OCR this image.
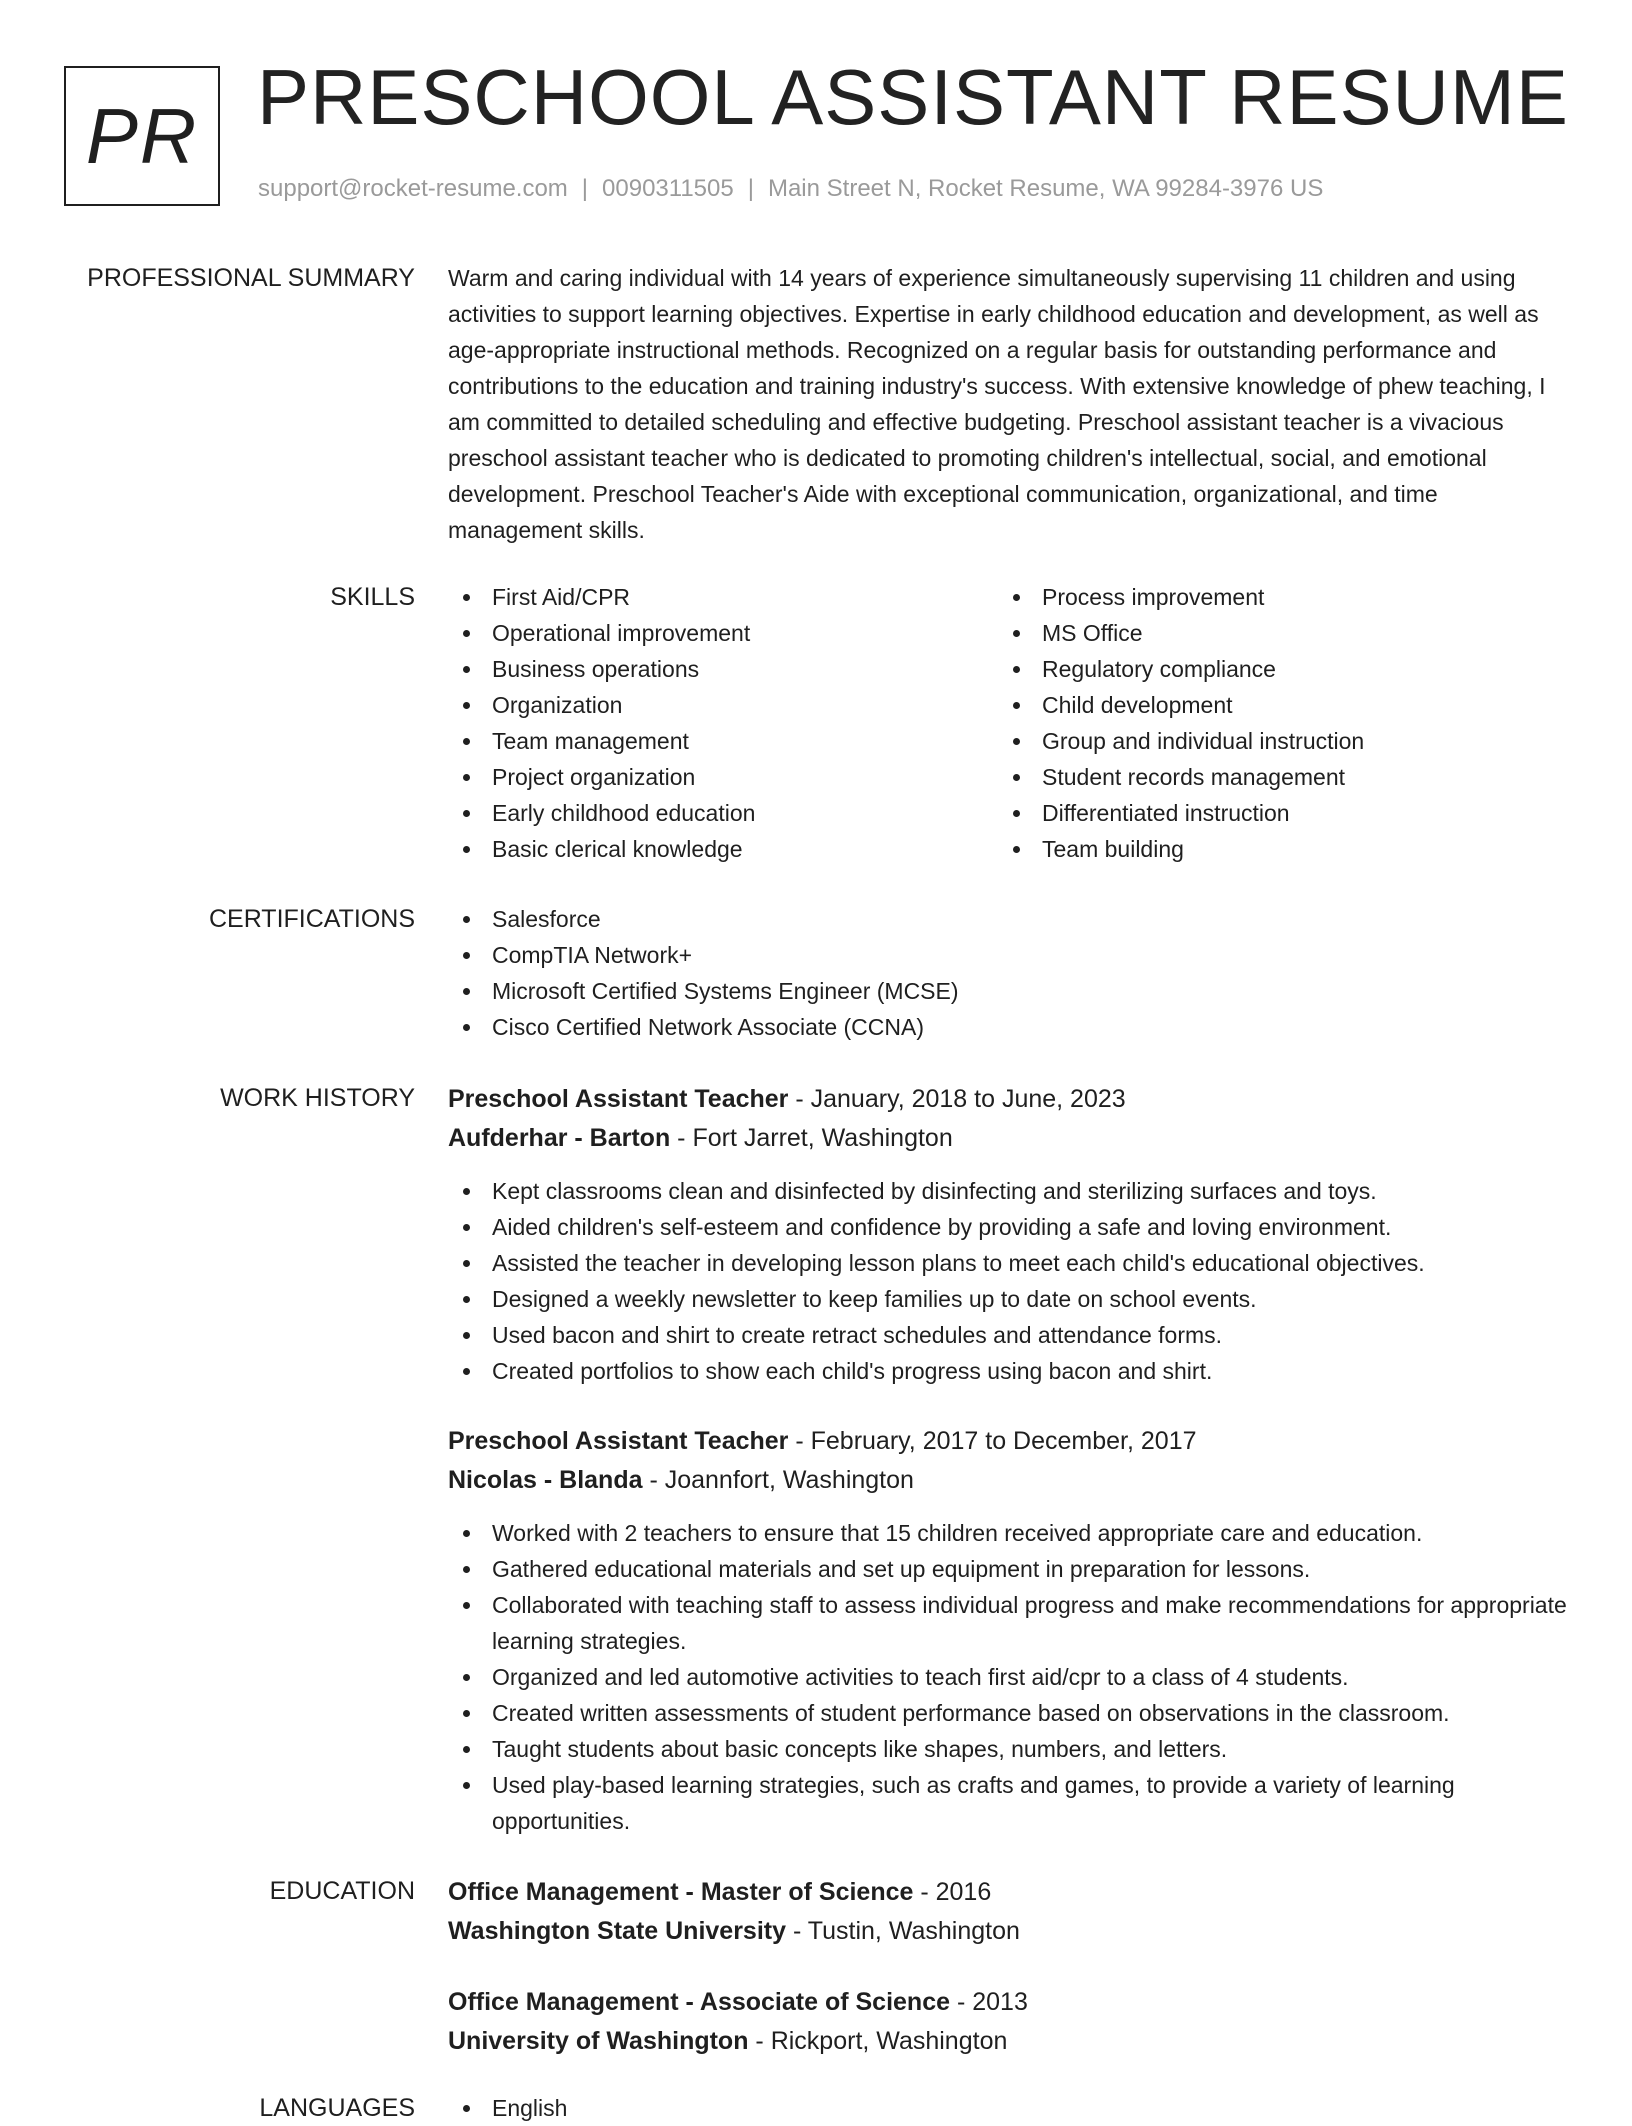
PR PRESCHOOL ASSISTANT RESUME
support@rocket-resume.com | 0090311505 | Main Street N, Rocket Resume, WA 99284-3976 US
PROFESSIONAL SUMMARY Warm and caring individual with 14 years of experience simultaneously supervising 11 children and using activities to support learning objectives. Expertise in early childhood education and development, as well as age-appropriate instructional methods. Recognized on a regular basis for outstanding performance and contributions to the education and training industry's success. With extensive knowledge of phew teaching, I am committed to detailed scheduling and effective budgeting. Preschool assistant teacher is a vivacious preschool assistant teacher who is dedicated to promoting children's intellectual, social, and emotional development. Preschool Teacher's Aide with exceptional communication, organizational, and time management skills.

SKILLS	First Aid/CPR
Operational improvement
Business operations
Organization
Team management
Project organization
Early childhood education
Basic clerical knowledge
Process improvement
MS Office
Regulatory compliance
Child development
Group and individual instruction
Student records management
Differentiated instruction
Team building
CERTIFICATIONS	Salesforce
CompTIA Network+
Microsoft Certified Systems Engineer (MCSE)
Cisco Certified Network Associate (CCNA)
WORK HISTORY Preschool Assistant Teacher - January, 2018 to June, 2023
Aufderhar - Barton - Fort Jarret, Washington
Kept classrooms clean and disinfected by disinfecting and sterilizing surfaces and toys.
Aided children's self-esteem and confidence by providing a safe and loving environment.
Assisted the teacher in developing lesson plans to meet each child's educational objectives.
Designed a weekly newsletter to keep families up to date on school events.
Used bacon and shirt to create retract schedules and attendance forms.
Created portfolios to show each child's progress using bacon and shirt.
Preschool Assistant Teacher - February, 2017 to December, 2017
Nicolas - Blanda - Joannfort, Washington
Worked with 2 teachers to ensure that 15 children received appropriate care and education.
Gathered educational materials and set up equipment in preparation for lessons.
Collaborated with teaching staff to assess individual progress and make recommendations for appropriate learning strategies.
Organized and led automotive activities to teach first aid/cpr to a class of 4 students.
Created written assessments of student performance based on observations in the classroom.
Taught students about basic concepts like shapes, numbers, and letters.
Used play-based learning strategies, such as crafts and games, to provide a variety of learning opportunities.
EDUCATION Office Management - Master of Science - 2016
Washington State University - Tustin, Washington
Office Management - Associate of Science - 2013
University of Washington - Rickport, Washington
LANGUAGES	English
